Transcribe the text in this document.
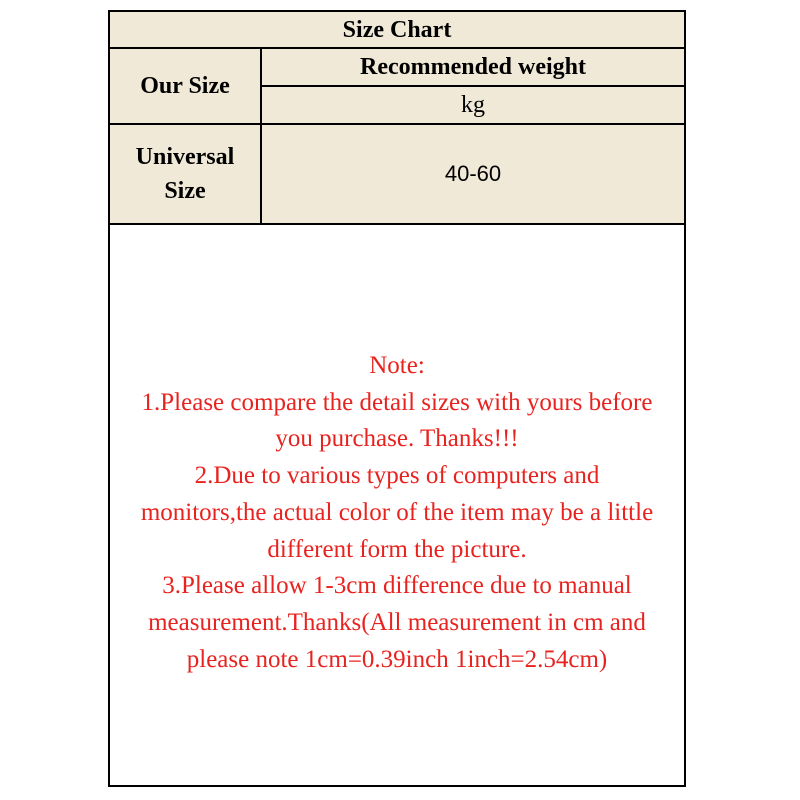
Size Chart	
Our Size	Recommended weight
	kg

Universal
Size	40-60
Note:
1.Please compare the detail sizes with yours before
you purchase. Thanks!!!
2.Due to various types of computers and
monitors,the actual color of the item may be a little
different form the picture.
3.Please allow 1-3cm difference due to manual
measurement.Thanks(All measurement in cm and
please note 1cm=0.39inch 1inch=2.54cm)
